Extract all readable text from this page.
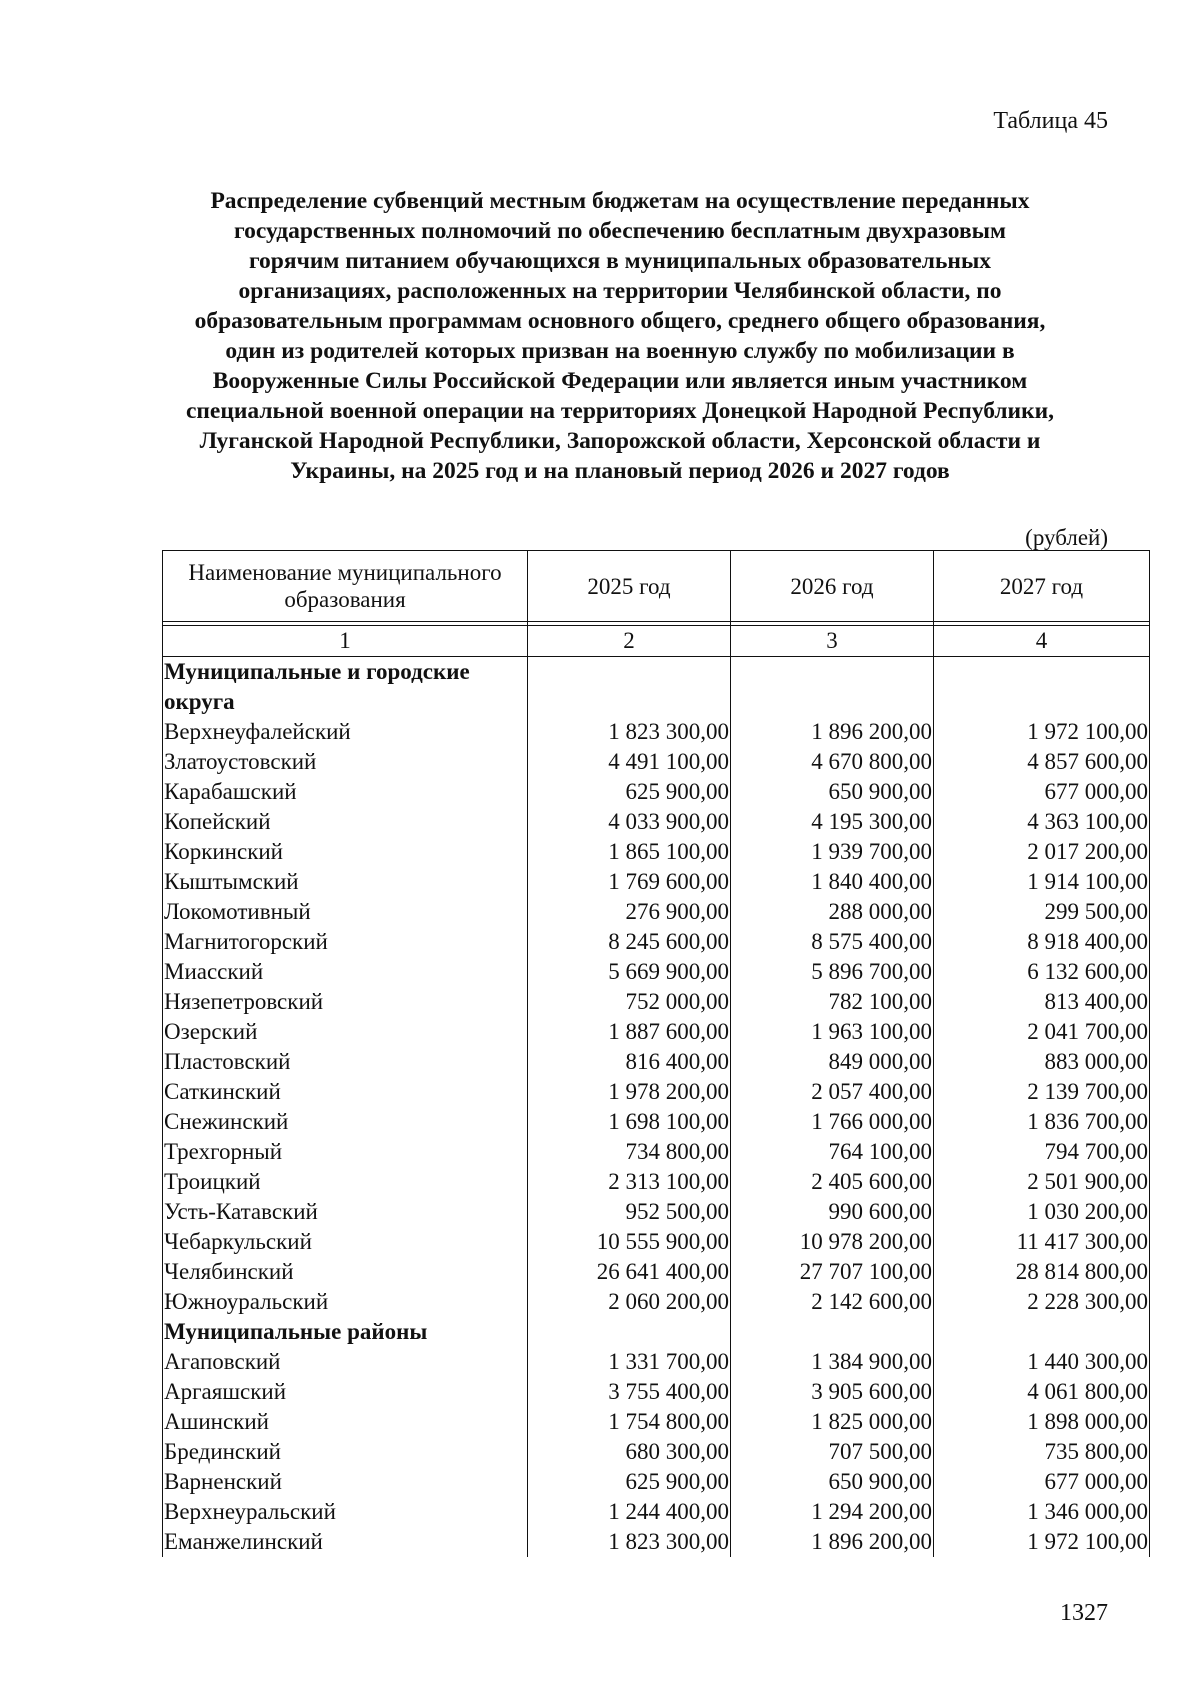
Таблица 45
Распределение субвенций местным бюджетам на осуществление переданных
государственных полномочий по обеспечению бесплатным двухразовым
горячим питанием обучающихся в муниципальных образовательных
организациях, расположенных на территории Челябинской области, по
образовательным программам основного общего, среднего общего образования,
один из родителей которых призван на военную службу по мобилизации в
Вооруженные Силы Российской Федерации или является иным участником
специальной военной операции на территориях Донецкой Народной Республики,
Луганской Народной Республики, Запорожской области, Херсонской области и
Украины, на 2025 год и на плановый период 2026 и 2027 годов
(рублей)
Наименование муниципального образования	2025 год	2026 год	2027 год

1	2	3	4
Муниципальные и городские округа			
Верхнеуфалейский	1 823 300,00	1 896 200,00	1 972 100,00
Златоустовский	4 491 100,00	4 670 800,00	4 857 600,00
Карабашский	625 900,00	650 900,00	677 000,00
Копейский	4 033 900,00	4 195 300,00	4 363 100,00
Коркинский	1 865 100,00	1 939 700,00	2 017 200,00
Кыштымский	1 769 600,00	1 840 400,00	1 914 100,00
Локомотивный	276 900,00	288 000,00	299 500,00
Магнитогорский	8 245 600,00	8 575 400,00	8 918 400,00
Миасский	5 669 900,00	5 896 700,00	6 132 600,00
Нязепетровский	752 000,00	782 100,00	813 400,00
Озерский	1 887 600,00	1 963 100,00	2 041 700,00
Пластовский	816 400,00	849 000,00	883 000,00
Саткинский	1 978 200,00	2 057 400,00	2 139 700,00
Снежинский	1 698 100,00	1 766 000,00	1 836 700,00
Трехгорный	734 800,00	764 100,00	794 700,00
Троицкий	2 313 100,00	2 405 600,00	2 501 900,00
Усть-Катавский	952 500,00	990 600,00	1 030 200,00
Чебаркульский	10 555 900,00	10 978 200,00	11 417 300,00
Челябинский	26 641 400,00	27 707 100,00	28 814 800,00
Южноуральский	2 060 200,00	2 142 600,00	2 228 300,00
Муниципальные районы			
Агаповский	1 331 700,00	1 384 900,00	1 440 300,00
Аргаяшский	3 755 400,00	3 905 600,00	4 061 800,00
Ашинский	1 754 800,00	1 825 000,00	1 898 000,00
Брединский	680 300,00	707 500,00	735 800,00
Варненский	625 900,00	650 900,00	677 000,00
Верхнеуральский	1 244 400,00	1 294 200,00	1 346 000,00
Еманжелинский	1 823 300,00	1 896 200,00	1 972 100,00
1327
